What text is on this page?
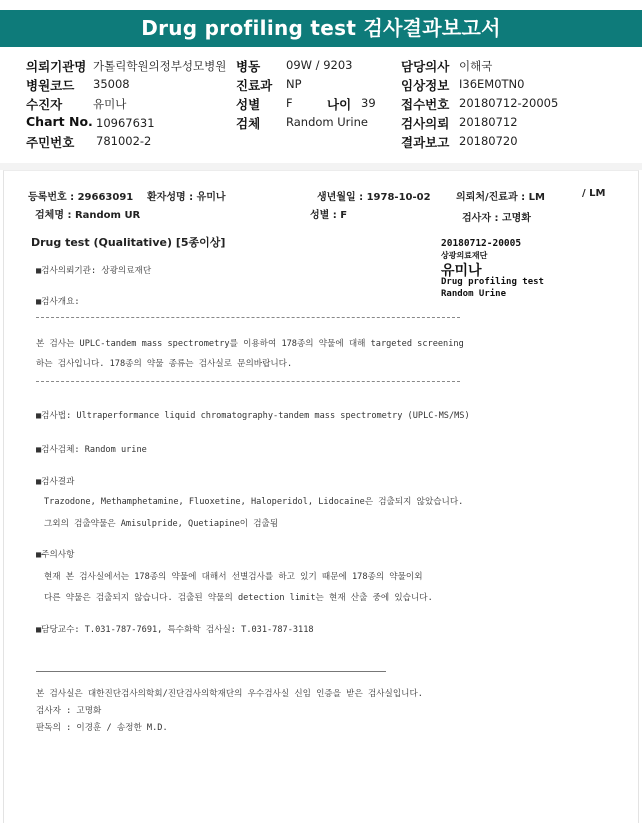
Drug profiling test 검사결과보고서
의뢰기관명 가톨릭학원의정부성모병원 병동 09W / 9203	담당의사 이해국
병원코드 35008	진료과 NP	임상정보 I36EM0TN0
수진자	유미나	성별 F	나이 39 접수번호 20180712-20005
Chart No. 10967631	검체 Random Urine	검사의뢰 20180712
주민번호 781002-2	결과보고 20180720
등록번호 : 29663091 환자성명 : 유미나	생년월일 : 1978-10-02	의뢰처/진료과 : LM	/ LM
검체명 : Random UR	성별 : F	검사자 : 고명화
Drug test (Qualitative) [5종이상]	20180712-20005
상광의료재단
유미나
Drug profiling test
Random Urine
■검사의뢰기관: 상광의료재단
■검사개요:
본 검사는 UPLC-tandem mass spectrometry를 이용하여 178종의 약물에 대해 targeted screening
하는 검사입니다. 178종의 약물 종류는 검사실로 문의바랍니다.
■검사법: Ultraperformance liquid chromatography-tandem mass spectrometry (UPLC-MS/MS)
■검사검체: Random urine
■검사결과
Trazodone, Methamphetamine, Fluoxetine, Haloperidol, Lidocaine은 검출되지 않았습니다.
그외의 검출약물은 Amisulpride, Quetiapine이 검출됨
■주의사항
현재 본 검사실에서는 178종의 약물에 대해서 선별검사를 하고 있기 때문에 178종의 약물이외
다른 약물은 검출되지 않습니다. 검출된 약물의 detection limit는 현재 산출 중에 있습니다.
■담당교수: T.031-787-7691, 특수화학 검사실: T.031-787-3118
본 검사실은 대한진단검사의학회/진단검사의학재단의 우수검사실 신임 인증을 받은 검사실입니다.
검사자 : 고명화
판독의 : 이경훈 / 송정한 M.D.
